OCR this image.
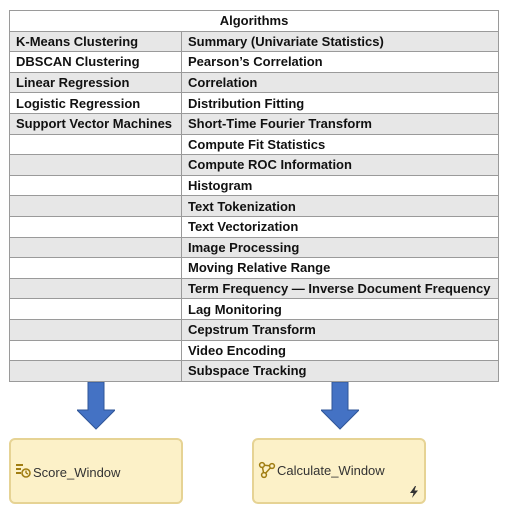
Algorithms	
K-Means Clustering	Summary (Univariate Statistics)
DBSCAN Clustering	Pearson’s Correlation
Linear Regression	Correlation
Logistic Regression	Distribution Fitting
Support Vector Machines	Short-Time Fourier Transform
	Compute Fit Statistics
	Compute ROC Information
	Histogram
	Text Tokenization
	Text Vectorization
	Image Processing
	Moving Relative Range
	Term Frequency — Inverse Document Frequency
	Lag Monitoring
	Cepstrum Transform
	Video Encoding
	Subspace Tracking
Score_Window	Calculate_Window
